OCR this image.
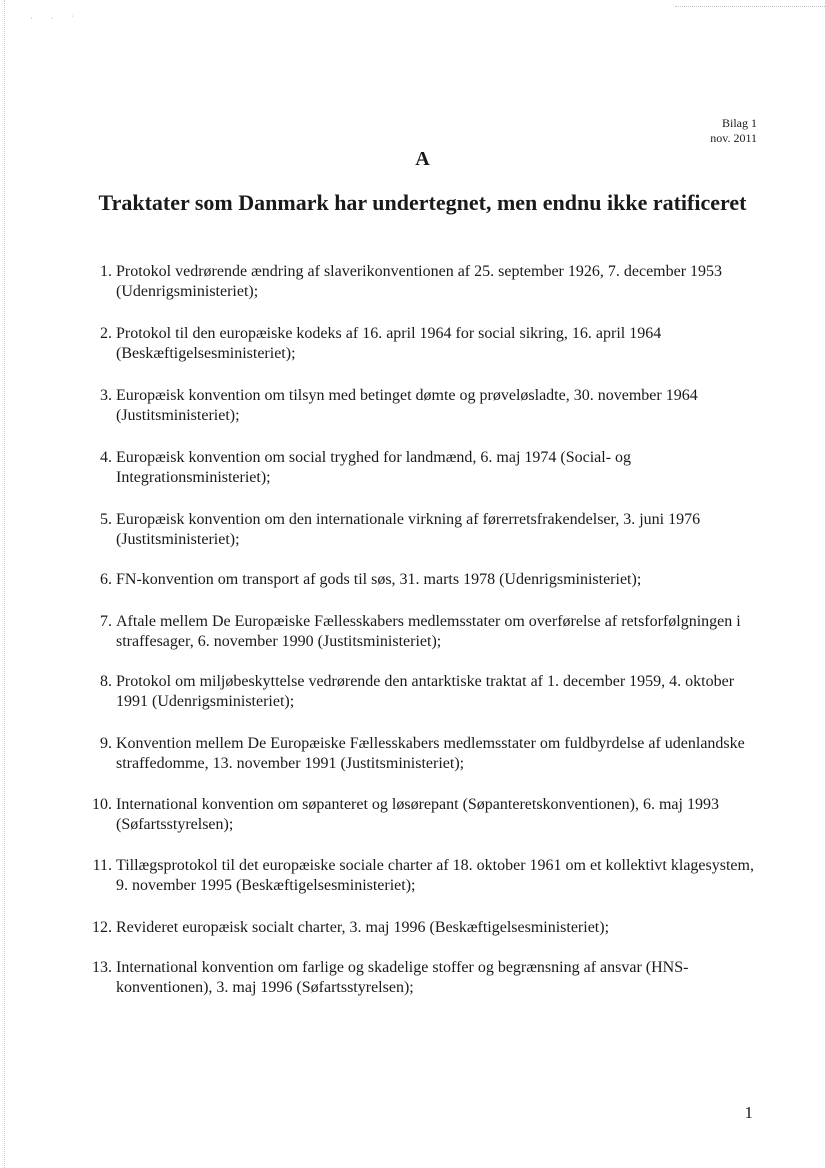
· · ˙
Bilag 1
nov. 2011
A
Traktater som Danmark har undertegnet, men endnu ikke ratificeret
1. Protokol vedrørende ændring af slaverikonventionen af 25. september 1926, 7. december 1953 (Udenrigsministeriet);
2. Protokol til den europæiske kodeks af 16. april 1964 for social sikring, 16. april 1964 (Beskæftigelsesministeriet);
3. Europæisk konvention om tilsyn med betinget dømte og prøveløsladte, 30. november 1964 (Justitsministeriet);
4. Europæisk konvention om social tryghed for landmænd, 6. maj 1974 (Social- og Integrationsministeriet);
5. Europæisk konvention om den internationale virkning af førerretsfrakendelser, 3. juni 1976 (Justitsministeriet);
6. FN-konvention om transport af gods til søs, 31. marts 1978 (Udenrigsministeriet);
7. Aftale mellem De Europæiske Fællesskabers medlemsstater om overførelse af retsforfølgningen i straffesager, 6. november 1990 (Justitsministeriet);
8. Protokol om miljøbeskyttelse vedrørende den antarktiske traktat af 1. december 1959, 4. oktober 1991 (Udenrigsministeriet);
9. Konvention mellem De Europæiske Fællesskabers medlemsstater om fuldbyrdelse af udenlandske straffedomme, 13. november 1991 (Justitsministeriet);
10. International konvention om søpanteret og løsørepant (Søpanteretskonventionen), 6. maj 1993 (Søfartsstyrelsen);
11. Tillægsprotokol til det europæiske sociale charter af 18. oktober 1961 om et kollektivt klagesystem, 9. november 1995 (Beskæftigelsesministeriet);
12. Revideret europæisk socialt charter, 3. maj 1996 (Beskæftigelsesministeriet);
13. International konvention om farlige og skadelige stoffer og begrænsning af ansvar (HNS-konventionen), 3. maj 1996 (Søfartsstyrelsen);
1
